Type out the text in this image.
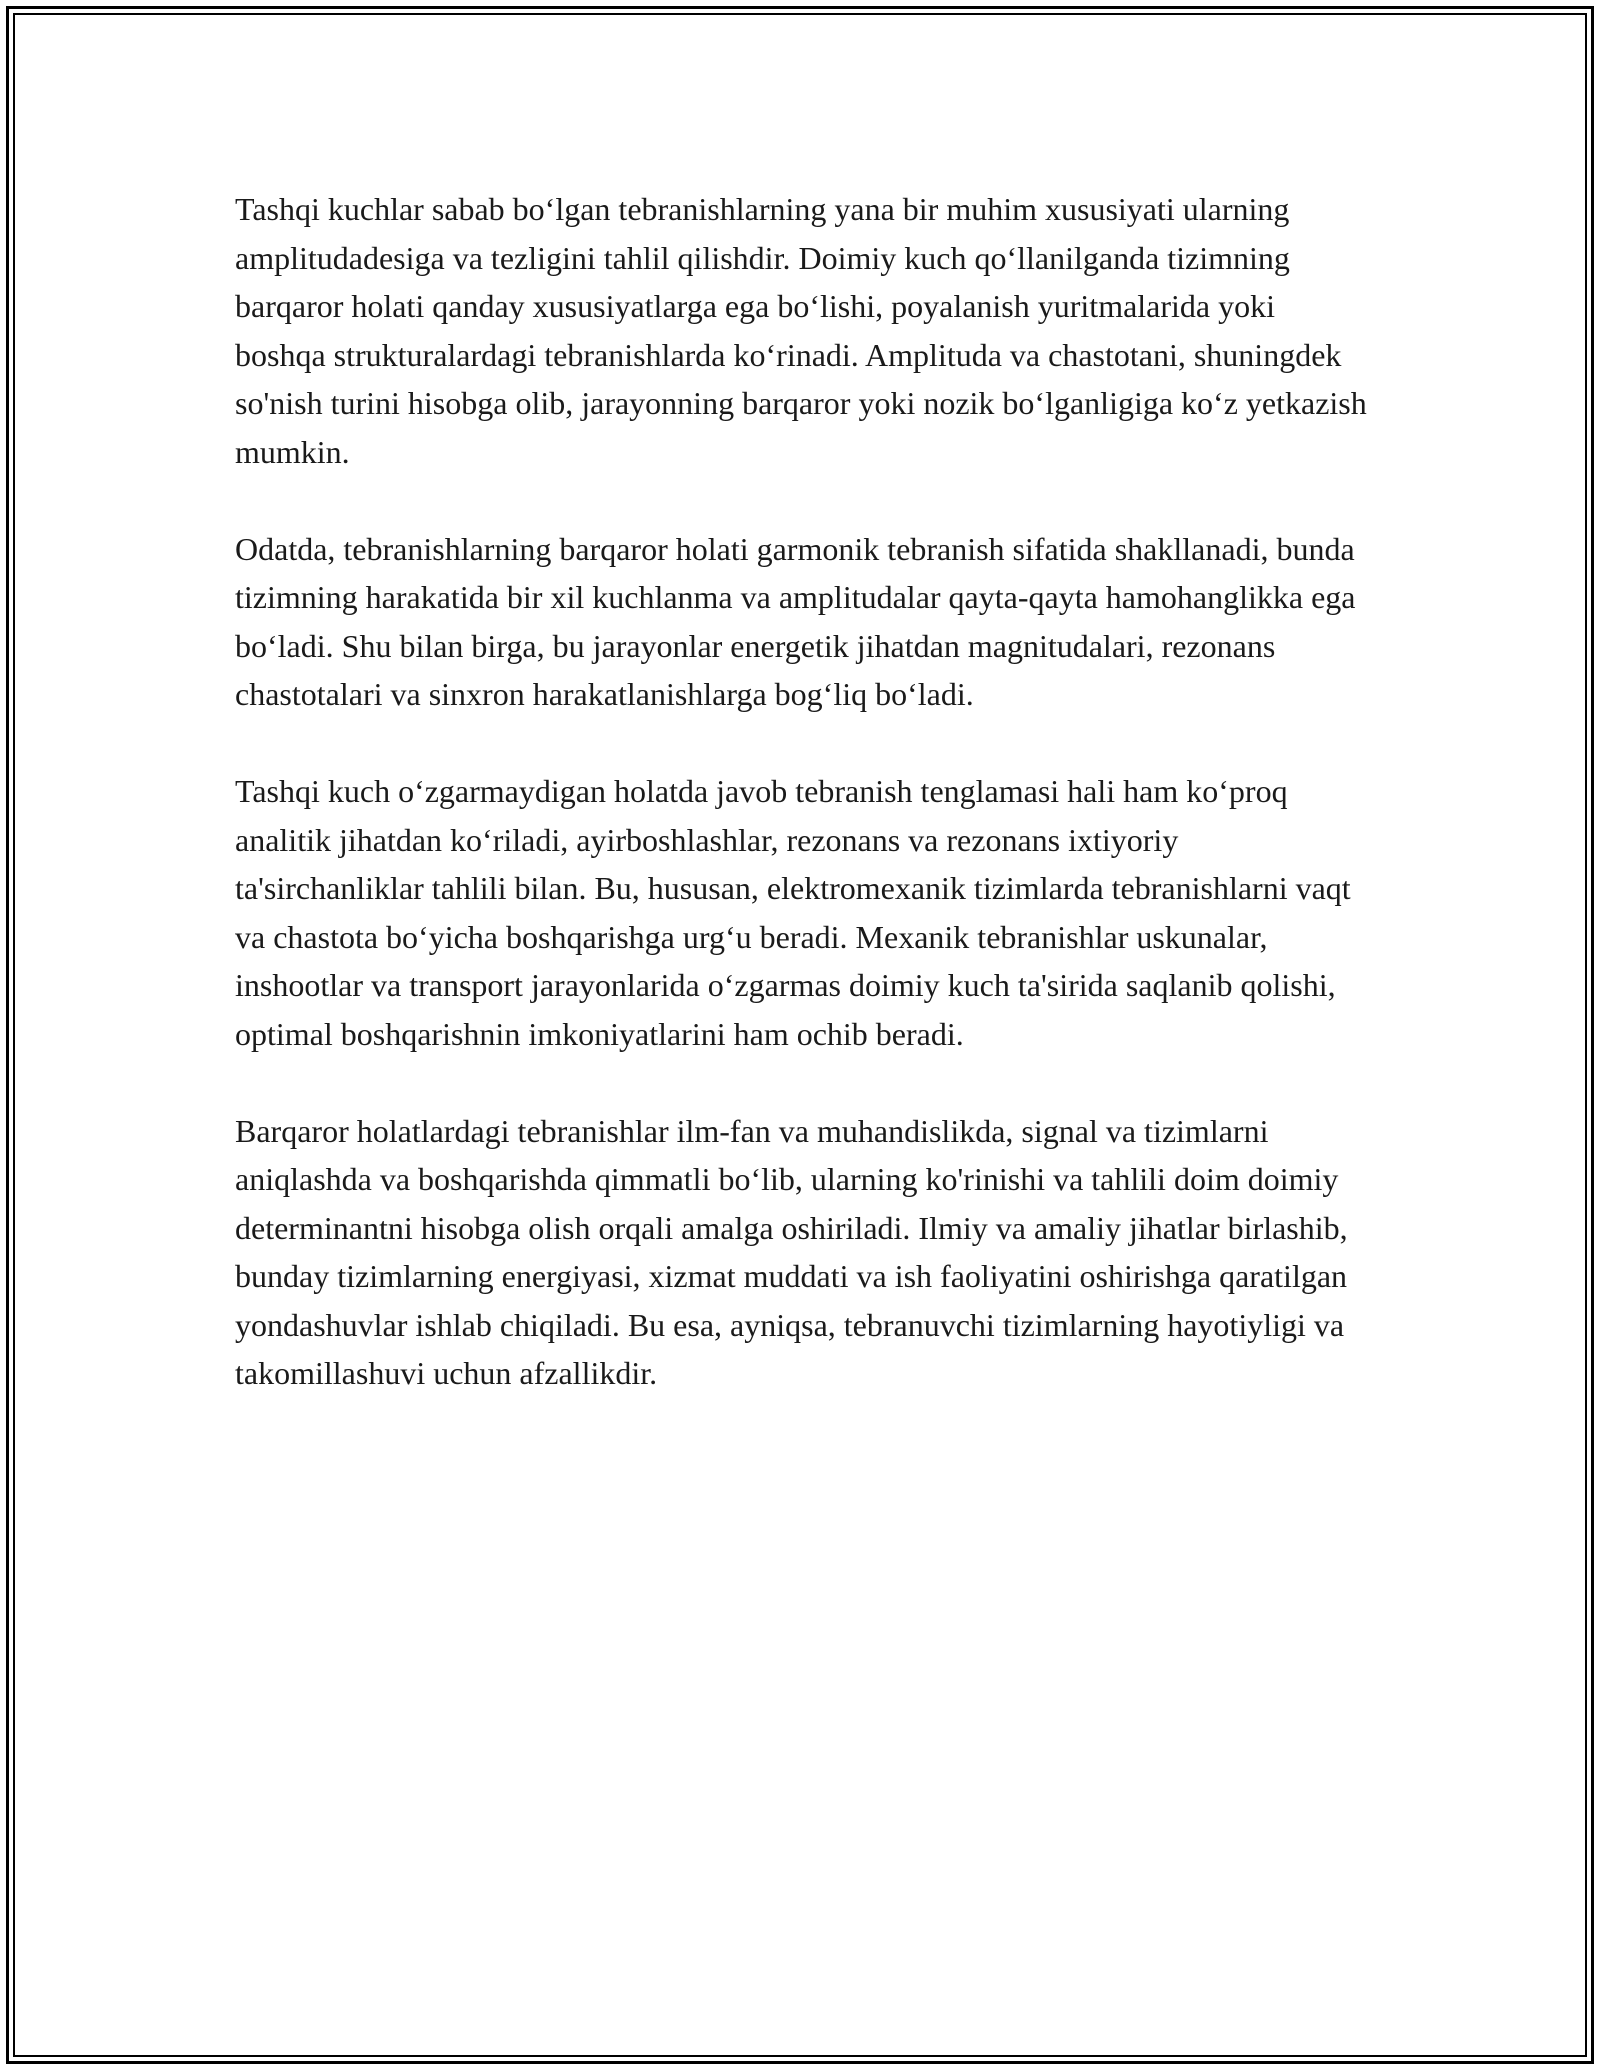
Tashqi kuchlar sabab bo‘lgan tebranishlarning yana bir muhim xususiyati ularning amplitudadesiga va tezligini tahlil qilishdir. Doimiy kuch qo‘llanilganda tizimning barqaror holati qanday xususiyatlarga ega bo‘lishi, poyalanish yuritmalarida yoki boshqa strukturalardagi tebranishlarda ko‘rinadi. Amplituda va chastotani, shuningdek so'nish turini hisobga olib, jarayonning barqaror yoki nozik bo‘lganligiga ko‘z yetkazish mumkin.

Odatda, tebranishlarning barqaror holati garmonik tebranish sifatida shakllanadi, bunda tizimning harakatida bir xil kuchlanma va amplitudalar qayta-qayta hamohanglikka ega bo‘ladi. Shu bilan birga, bu jarayonlar energetik jihatdan magnitudalari, rezonans chastotalari va sinxron harakatlanishlarga bog‘liq bo‘ladi.

Tashqi kuch o‘zgarmaydigan holatda javob tebranish tenglamasi hali ham ko‘proq analitik jihatdan ko‘riladi, ayirboshlashlar, rezonans va rezonans ixtiyoriy ta'sirchanliklar tahlili bilan. Bu, hususan, elektromexanik tizimlarda tebranishlarni vaqt va chastota bo‘yicha boshqarishga urg‘u beradi. Mexanik tebranishlar uskunalar, inshootlar va transport jarayonlarida o‘zgarmas doimiy kuch ta'sirida saqlanib qolishi, optimal boshqarishnin imkoniyatlarini ham ochib beradi.

Barqaror holatlardagi tebranishlar ilm-fan va muhandislikda, signal va tizimlarni aniqlashda va boshqarishda qimmatli bo‘lib, ularning ko'rinishi va tahlili doim doimiy determinantni hisobga olish orqali amalga oshiriladi. Ilmiy va amaliy jihatlar birlashib, bunday tizimlarning energiyasi, xizmat muddati va ish faoliyatini oshirishga qaratilgan yondashuvlar ishlab chiqiladi. Bu esa, ayniqsa, tebranuvchi tizimlarning hayotiyligi va takomillashuvi uchun afzallikdir.
